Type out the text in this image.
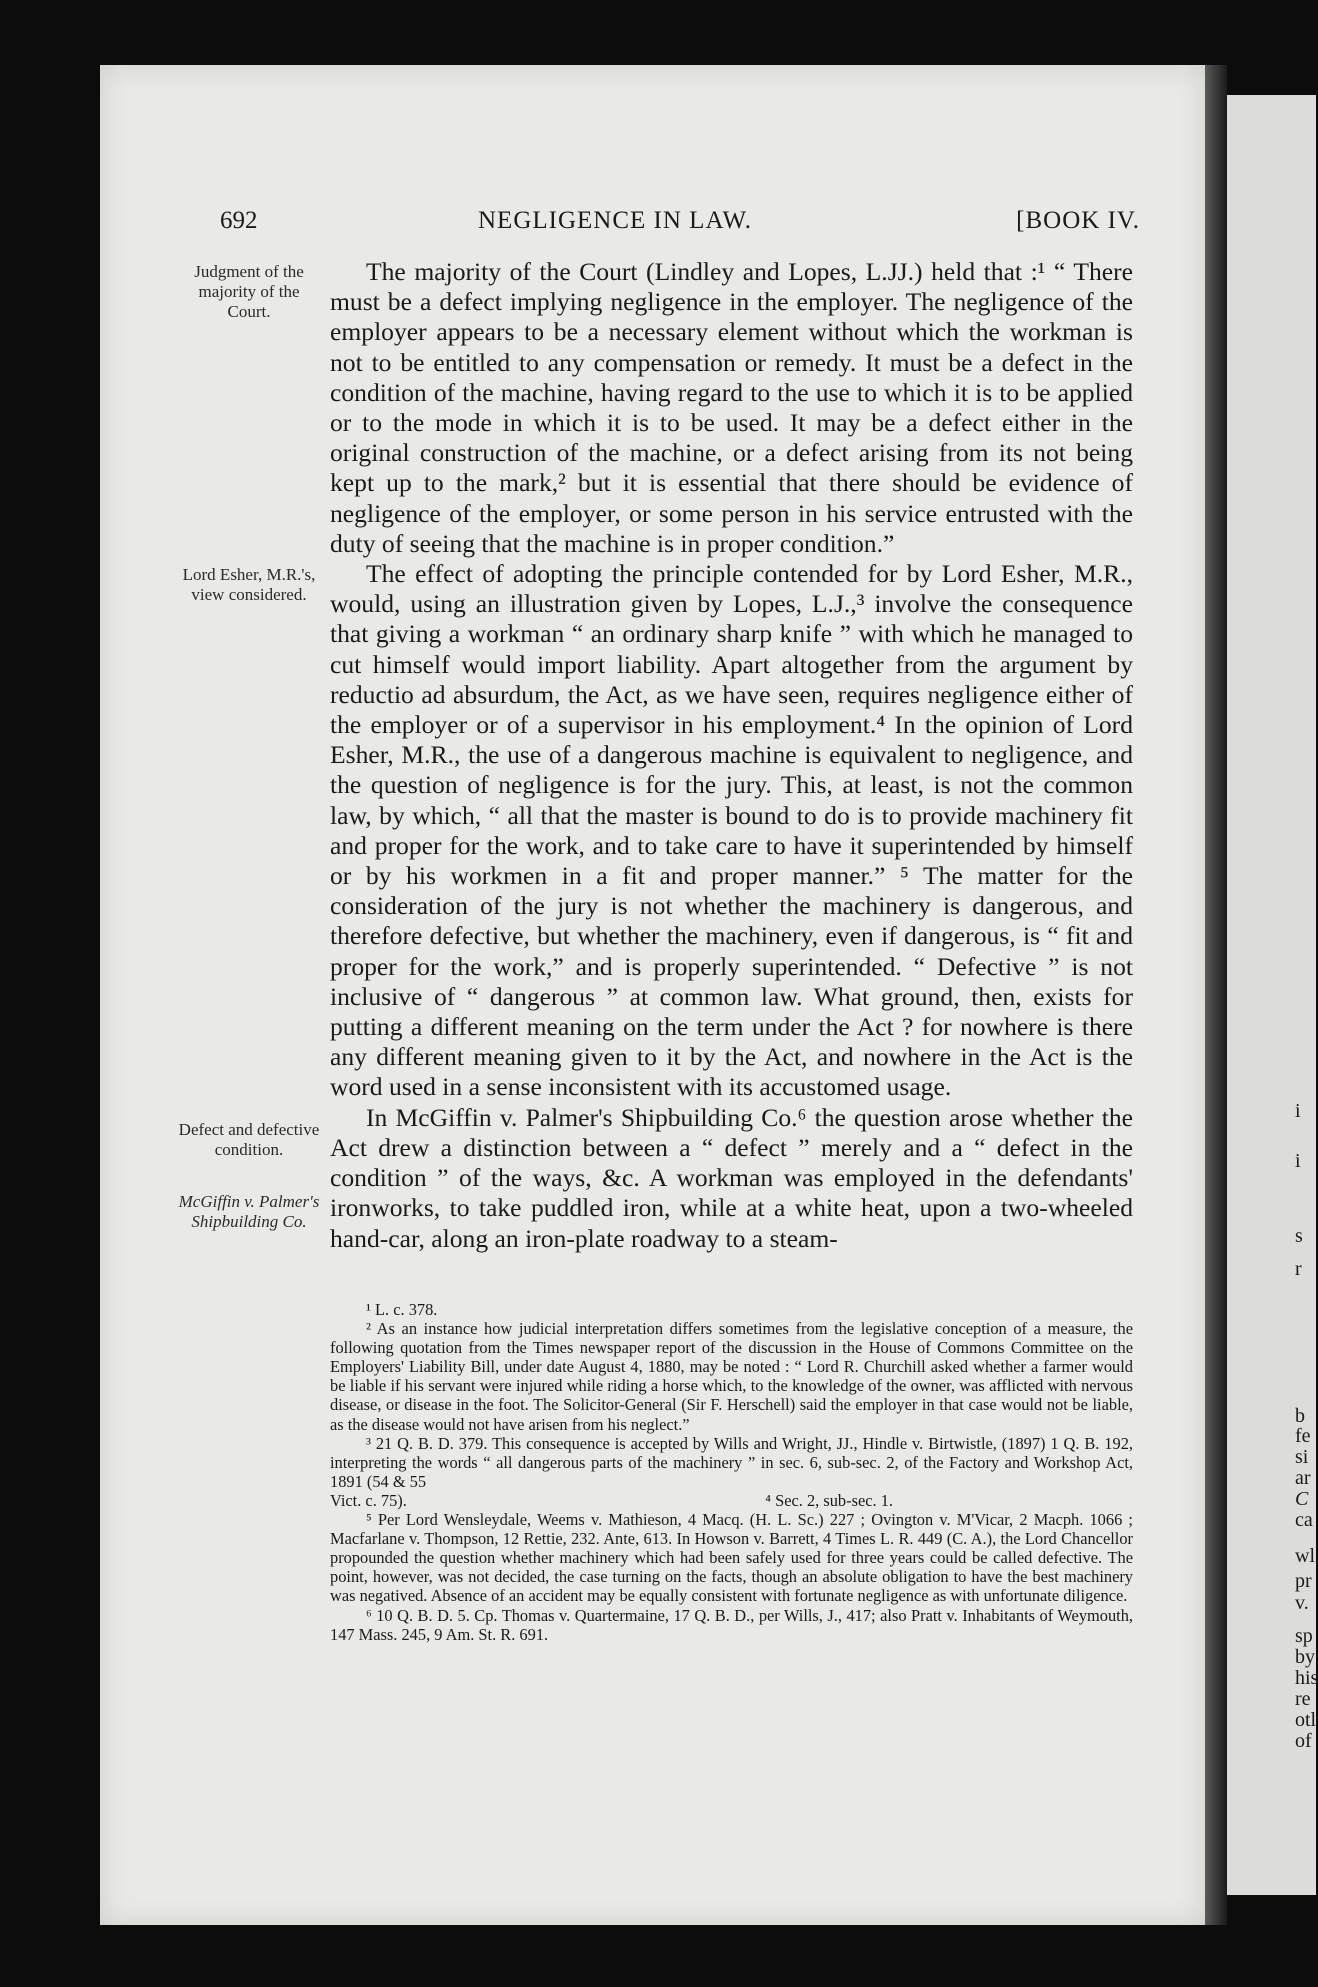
692	NEGLIGENCE IN LAW.	[BOOK IV.
Judgment of the majority of the Court.
Lord Esher, M.R.'s, view considered.
Defect and defective condition.
McGiffin v. Palmer's Shipbuilding Co.

The majority of the Court (Lindley and Lopes, L.JJ.) held that :¹ “ There must be a defect implying negligence in the employer. The negligence of the employer appears to be a necessary element without which the workman is not to be entitled to any compensation or remedy. It must be a defect in the condition of the machine, having regard to the use to which it is to be applied or to the mode in which it is to be used. It may be a defect either in the original construction of the machine, or a defect arising from its not being kept up to the mark,² but it is essential that there should be evidence of negligence of the employer, or some person in his service entrusted with the duty of seeing that the machine is in proper condition.”

The effect of adopting the principle contended for by Lord Esher, M.R., would, using an illustration given by Lopes, L.J.,³ involve the consequence that giving a workman “ an ordinary sharp knife ” with which he managed to cut himself would import liability. Apart altogether from the argument by reductio ad absurdum, the Act, as we have seen, requires negligence either of the employer or of a supervisor in his employment.⁴ In the opinion of Lord Esher, M.R., the use of a dangerous machine is equivalent to negligence, and the question of negligence is for the jury. This, at least, is not the common law, by which, “ all that the master is bound to do is to provide machinery fit and proper for the work, and to take care to have it superintended by himself or by his workmen in a fit and proper manner.” ⁵ The matter for the consideration of the jury is not whether the machinery is dangerous, and therefore defective, but whether the machinery, even if dangerous, is “ fit and proper for the work,” and is properly superintended. “ Defective ” is not inclusive of “ dangerous ” at common law. What ground, then, exists for putting a different meaning on the term under the Act ? for nowhere is there any different meaning given to it by the Act, and nowhere in the Act is the word used in a sense inconsistent with its accustomed usage.

In McGiffin v. Palmer's Shipbuilding Co.⁶ the question arose whether the Act drew a distinction between a “ defect ” merely and a “ defect in the condition ” of the ways, &c. A workman was employed in the defendants' ironworks, to take puddled iron, while at a white heat, upon a two-wheeled hand-car, along an iron-plate roadway to a steam-

¹ L. c. 378.

² As an instance how judicial interpretation differs sometimes from the legislative conception of a measure, the following quotation from the Times newspaper report of the discussion in the House of Commons Committee on the Employers' Liability Bill, under date August 4, 1880, may be noted : “ Lord R. Churchill asked whether a farmer would be liable if his servant were injured while riding a horse which, to the knowledge of the owner, was afflicted with nervous disease, or disease in the foot. The Solicitor-General (Sir F. Herschell) said the employer in that case would not be liable, as the disease would not have arisen from his neglect.”

³ 21 Q. B. D. 379. This consequence is accepted by Wills and Wright, JJ., Hindle v. Birtwistle, (1897) 1 Q. B. 192, interpreting the words “ all dangerous parts of the machinery ” in sec. 6, sub-sec. 2, of the Factory and Workshop Act, 1891 (54 & 55

Vict. c. 75).	⁴ Sec. 2, sub-sec. 1.

⁵ Per Lord Wensleydale, Weems v. Mathieson, 4 Macq. (H. L. Sc.) 227 ; Ovington v. M'Vicar, 2 Macph. 1066 ; Macfarlane v. Thompson, 12 Rettie, 232. Ante, 613. In Howson v. Barrett, 4 Times L. R. 449 (C. A.), the Lord Chancellor propounded the question whether machinery which had been safely used for three years could be called defective. The point, however, was not decided, the case turning on the facts, though an absolute obligation to have the best machinery was negatived. Absence of an accident may be equally consistent with fortunate negligence as with unfortunate diligence.

⁶ 10 Q. B. D. 5. Cp. Thomas v. Quartermaine, 17 Q. B. D., per Wills, J., 417; also Pratt v. Inhabitants of Weymouth, 147 Mass. 245, 9 Am. St. R. 691.

i
i
s
r
b
fe
si
ar
C
ca
wl
pr
v.
sp
by
his
re
otl
of
